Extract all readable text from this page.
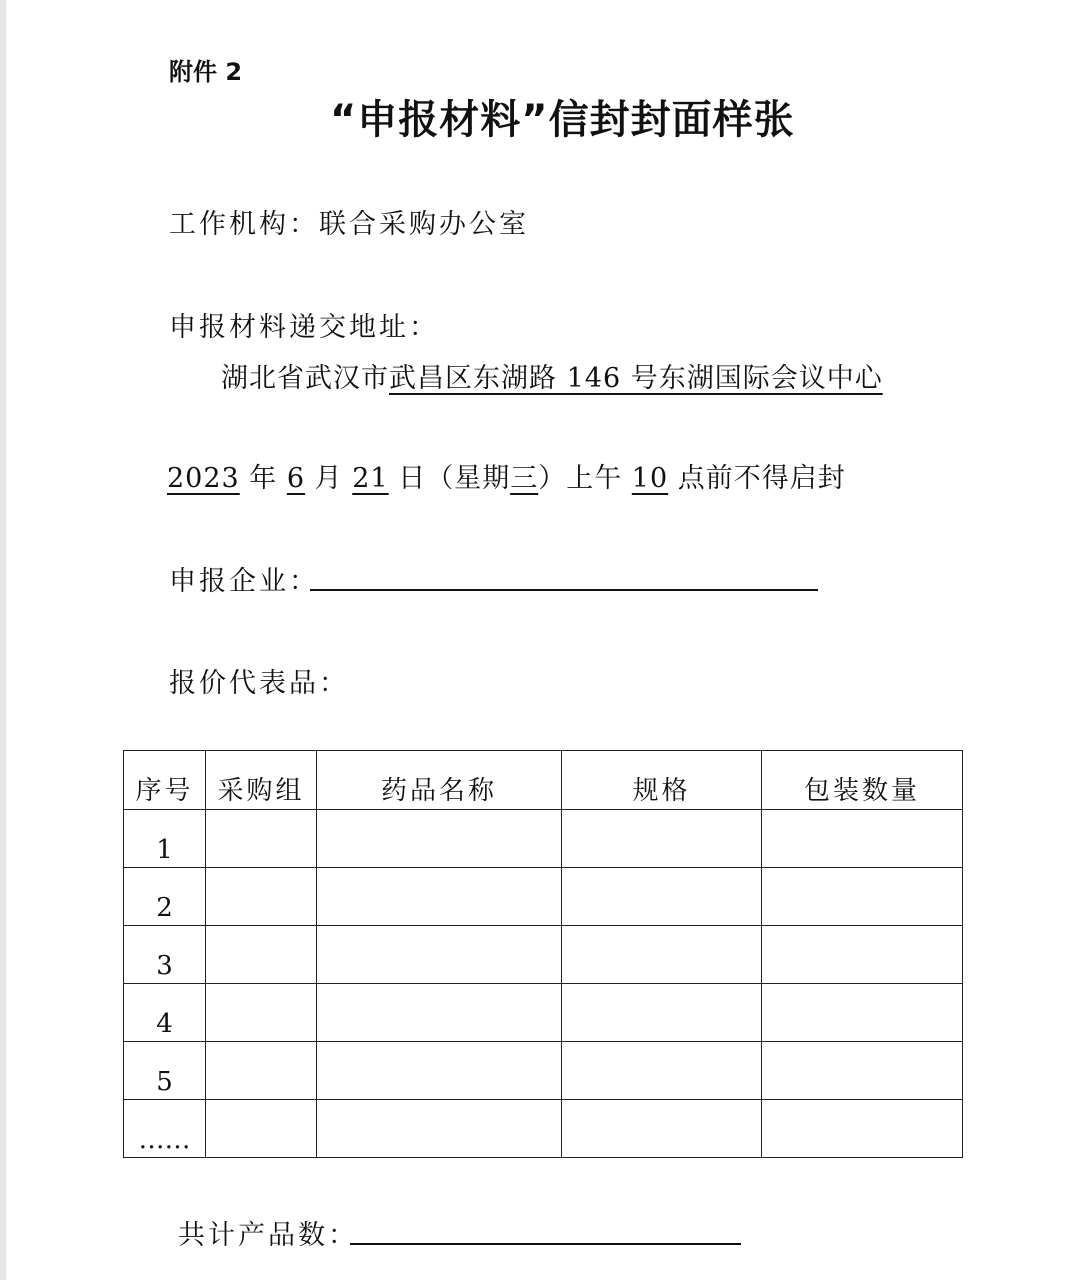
附件 2
“申报材料”信封封面样张
工作机构：联合采购办公室
申报材料递交地址：
湖北省武汉市武昌区东湖路 146 号东湖国际会议中心
2023 年 6 月 21 日（星期三）上午 10 点前不得启封
申报企业：
报价代表品：
序号	采购组	药品名称	规格	包装数量
1				
2				
3				
4				
5				
……				
共计产品数：
